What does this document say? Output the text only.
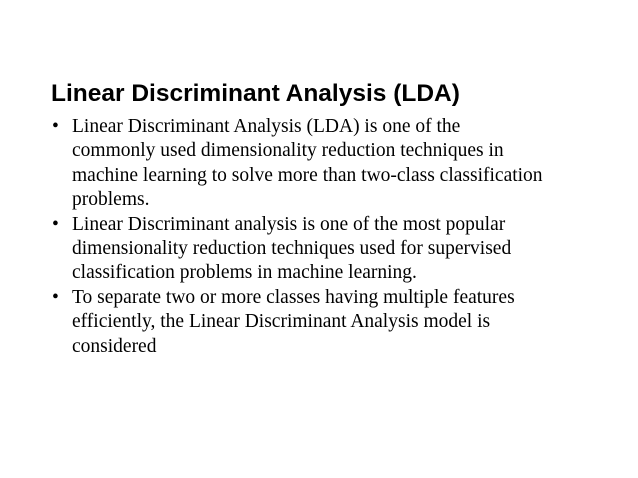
Linear Discriminant Analysis (LDA)
• Linear Discriminant Analysis (LDA) is one of the
commonly used dimensionality reduction techniques in
machine learning to solve more than two-class classification
problems.
• Linear Discriminant analysis is one of the most popular
dimensionality reduction techniques used for supervised
classification problems in machine learning.
• To separate two or more classes having multiple features
efficiently, the Linear Discriminant Analysis model is
considered
